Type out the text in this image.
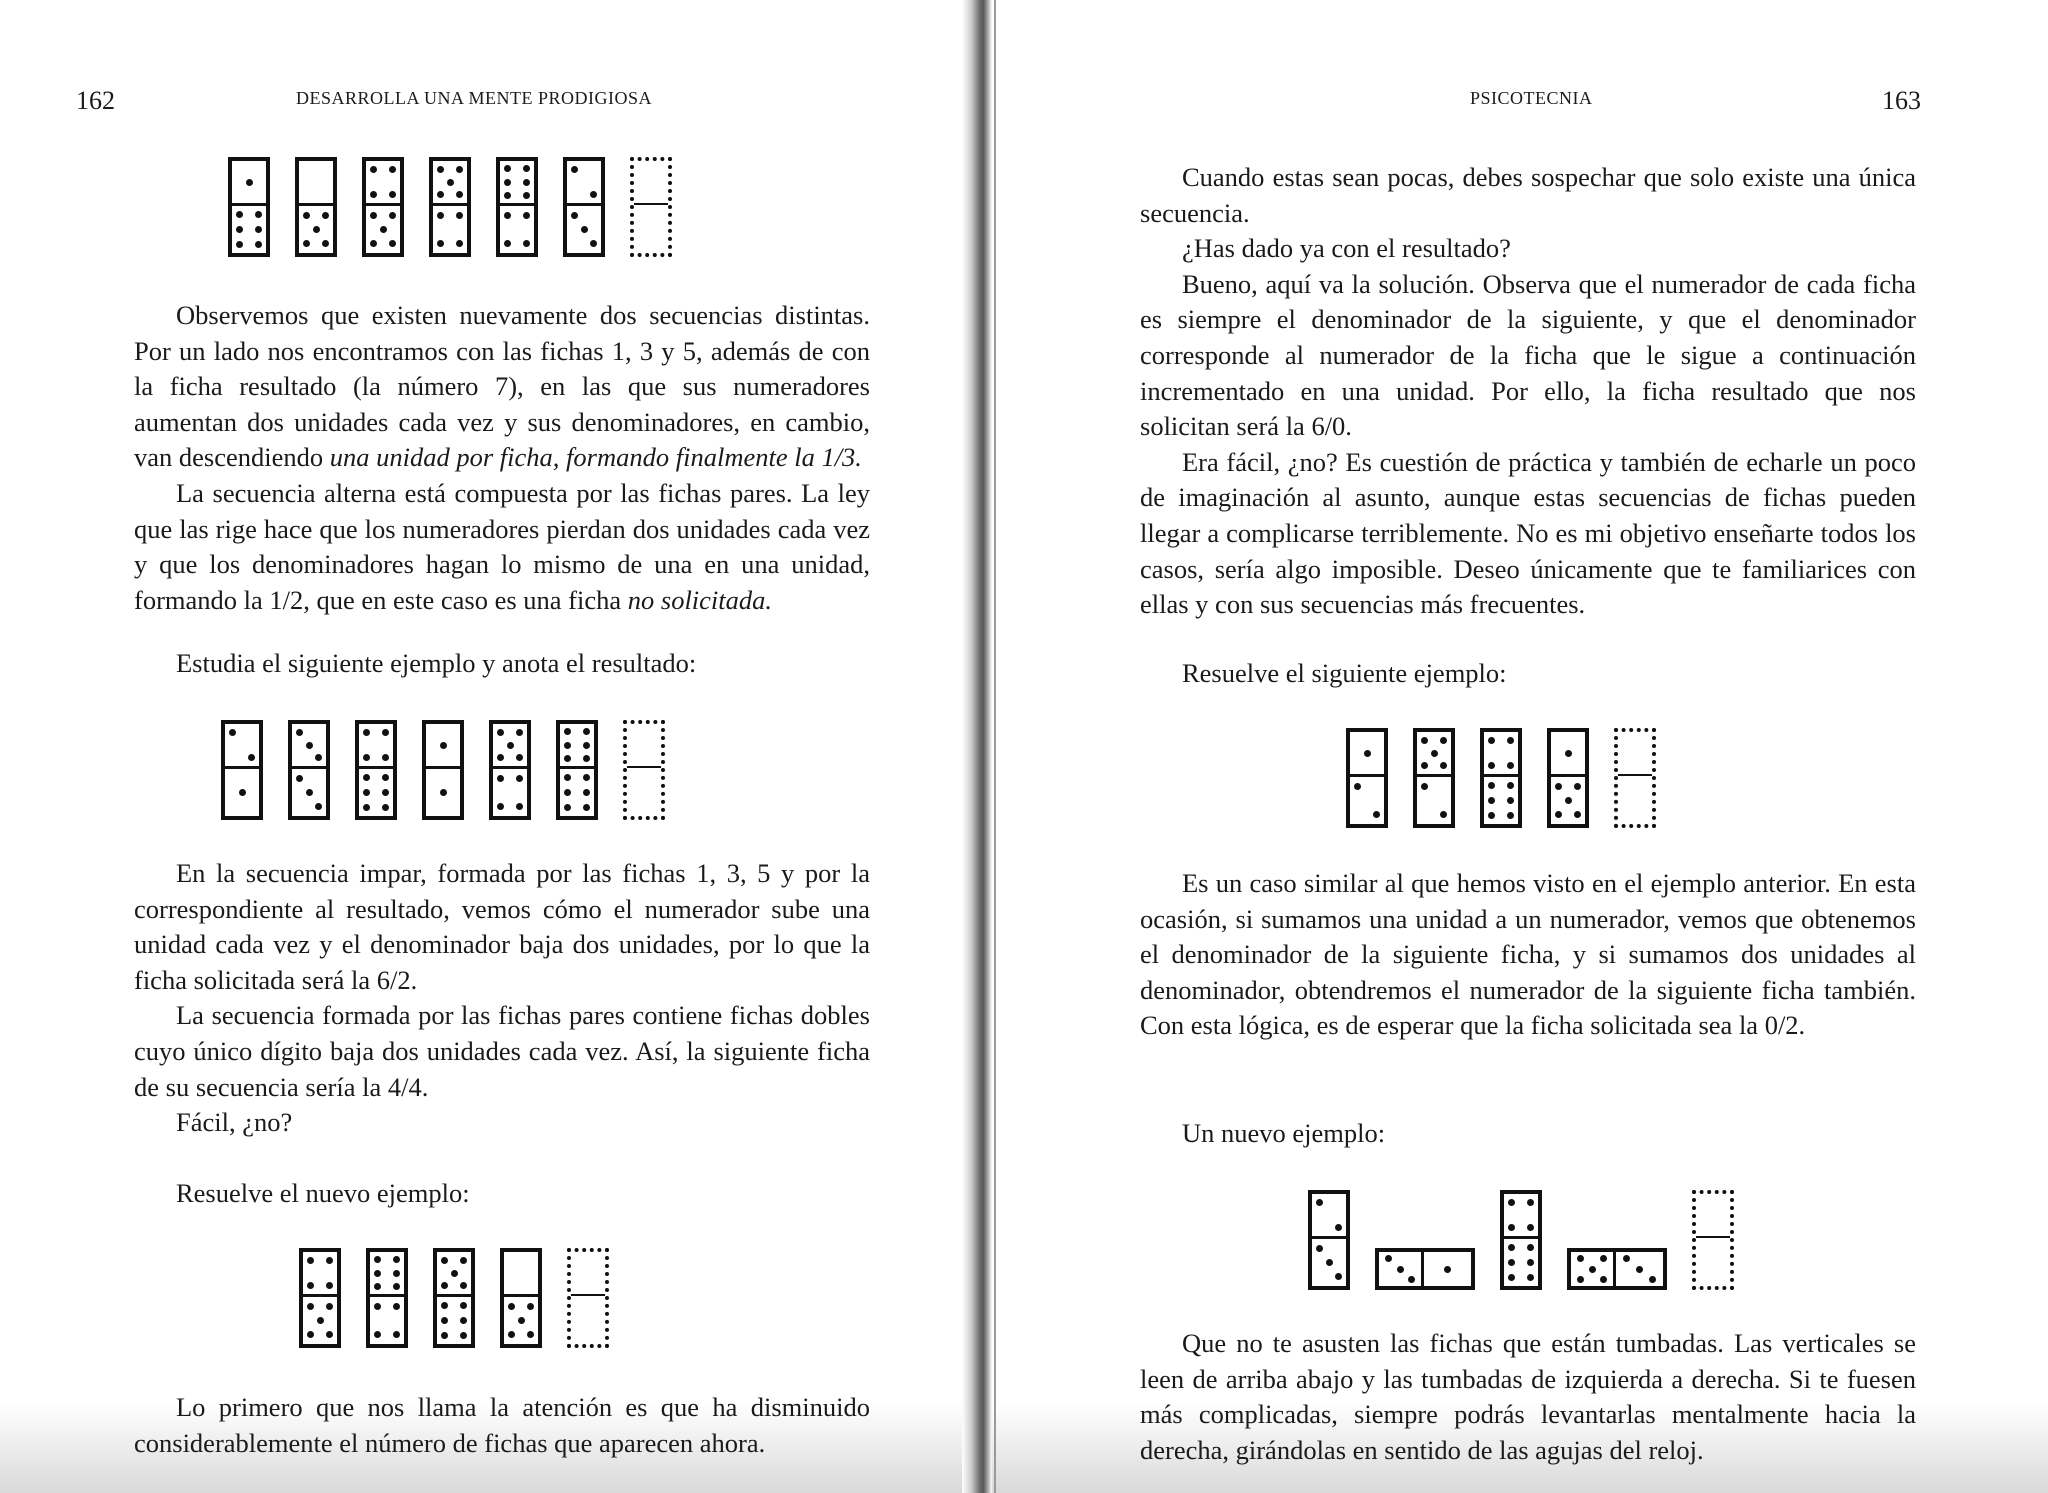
162	DESARROLLA UNA MENTE PRODIGIOSA

Observemos que existen nuevamente dos secuencias distintas. Por un lado nos encontramos con las fichas 1, 3 y 5, además de con la ficha resultado (la número 7), en las que sus numeradores aumentan dos unidades cada vez y sus denominadores, en cambio, van descendiendo una unidad por ficha, formando finalmente la 1/3.

La secuencia alterna está compuesta por las fichas pares. La ley que las rige hace que los numeradores pierdan dos unidades cada vez y que los denominadores hagan lo mismo de una en una unidad, formando la 1/2, que en este caso es una ficha no solicitada.

Estudia el siguiente ejemplo y anota el resultado:

En la secuencia impar, formada por las fichas 1, 3, 5 y por la correspondiente al resultado, vemos cómo el numerador sube una unidad cada vez y el denominador baja dos unidades, por lo que la ficha solicitada será la 6/2.

La secuencia formada por las fichas pares contiene fichas dobles cuyo único dígito baja dos unidades cada vez. Así, la siguiente ficha de su secuencia sería la 4/4.

Fácil, ¿no?

Resuelve el nuevo ejemplo:

Lo primero que nos llama la atención es que ha disminuido considerablemente el número de fichas que aparecen ahora.

PSICOTECNIA	163

Cuando estas sean pocas, debes sospechar que solo existe una única secuencia.

¿Has dado ya con el resultado?

Bueno, aquí va la solución. Observa que el numerador de cada ficha es siempre el denominador de la siguiente, y que el denominador corresponde al numerador de la ficha que le sigue a continuación incrementado en una unidad. Por ello, la ficha resultado que nos solicitan será la 6/0.

Era fácil, ¿no? Es cuestión de práctica y también de echarle un poco de imaginación al asunto, aunque estas secuencias de fichas pueden llegar a complicarse terriblemente. No es mi objetivo enseñarte todos los casos, sería algo imposible. Deseo únicamente que te familiarices con ellas y con sus secuencias más frecuentes.

Resuelve el siguiente ejemplo:

Es un caso similar al que hemos visto en el ejemplo anterior. En esta ocasión, si sumamos una unidad a un numerador, vemos que obtenemos el denominador de la siguiente ficha, y si sumamos dos unidades al denominador, obtendremos el numerador de la siguiente ficha también. Con esta lógica, es de esperar que la ficha solicitada sea la 0/2.

Un nuevo ejemplo:

Que no te asusten las fichas que están tumbadas. Las verticales se leen de arriba abajo y las tumbadas de izquierda a derecha. Si te fuesen más complicadas, siempre podrás levantarlas mentalmente hacia la derecha, girándolas en sentido de las agujas del reloj.
